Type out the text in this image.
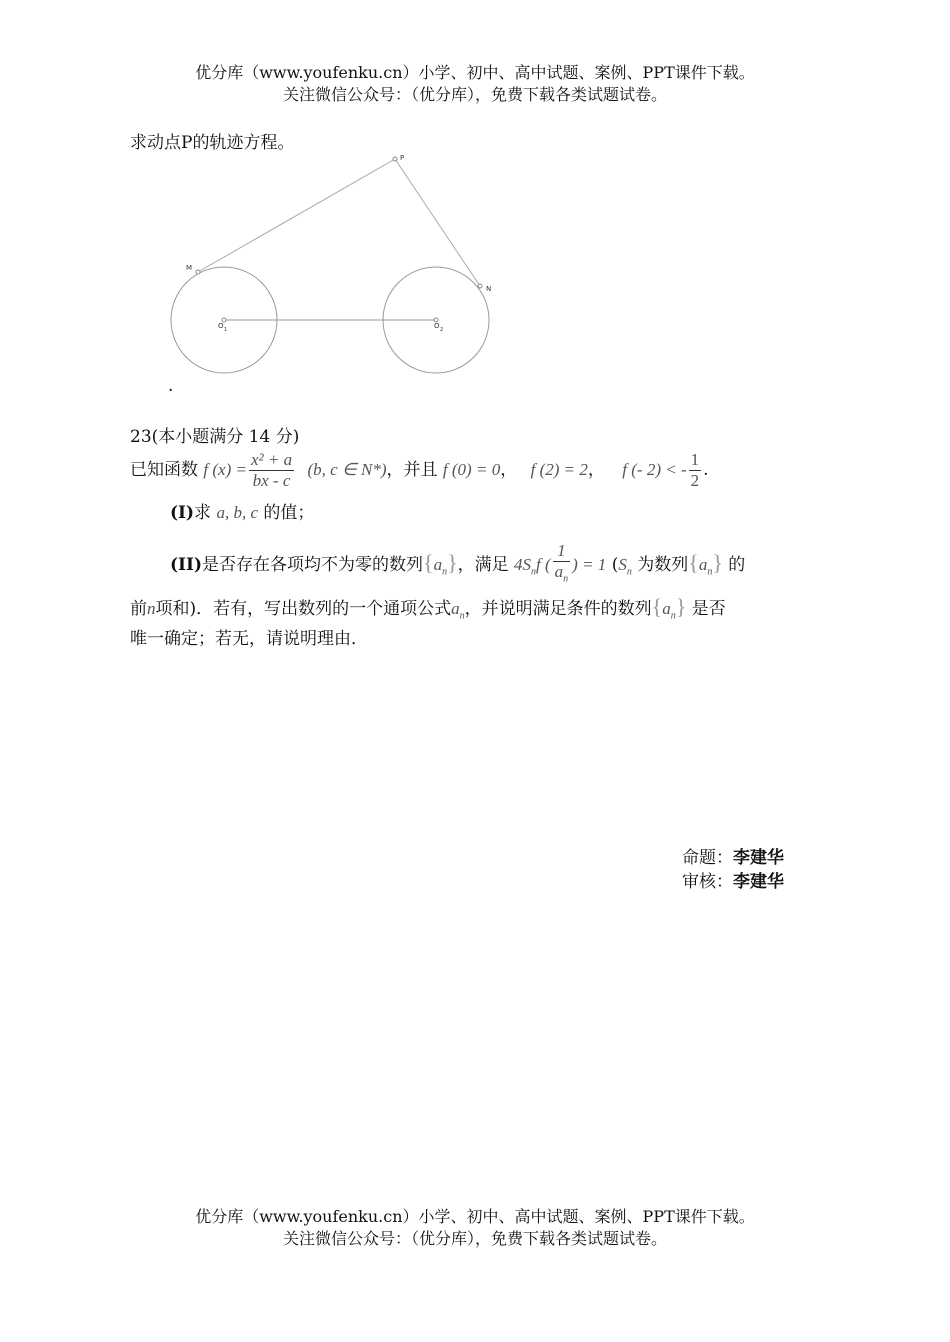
优分库（www.youfenku.cn）小学、初中、高中试题、案例、PPT课件下载。
关注微信公众号：（优分库），免费下载各类试题试卷。
求动点P的轨迹方程。
P
M
N
O 1	O 2
.
23(本小题满分 14 分)
已知函数 f $(x) = \frac{\text{x² + a}}{bx - c} (b$, c ∈ N*)，并且 f (0) = 0， f (2) = 2， f (- 2) < - $\frac{1}{2}$ .
(I)求 a, b, c 的值；
(II)是否存在各项均不为零的数列$\{a_n\}$，满足 $4S_nf$ ( $\frac{1}{a_n}$ ) = 1 ($S_n$ 为数列$\{a_n\}$ 的
前n项和)．若有，写出数列的一个通项公式$a_n$，并说明满足条件的数列$\{a_n\}$ 是否
唯一确定；若无，请说明理由．
命题：李建华
审核：李建华
优分库（www.youfenku.cn）小学、初中、高中试题、案例、PPT课件下载。
关注微信公众号：（优分库），免费下载各类试题试卷。
